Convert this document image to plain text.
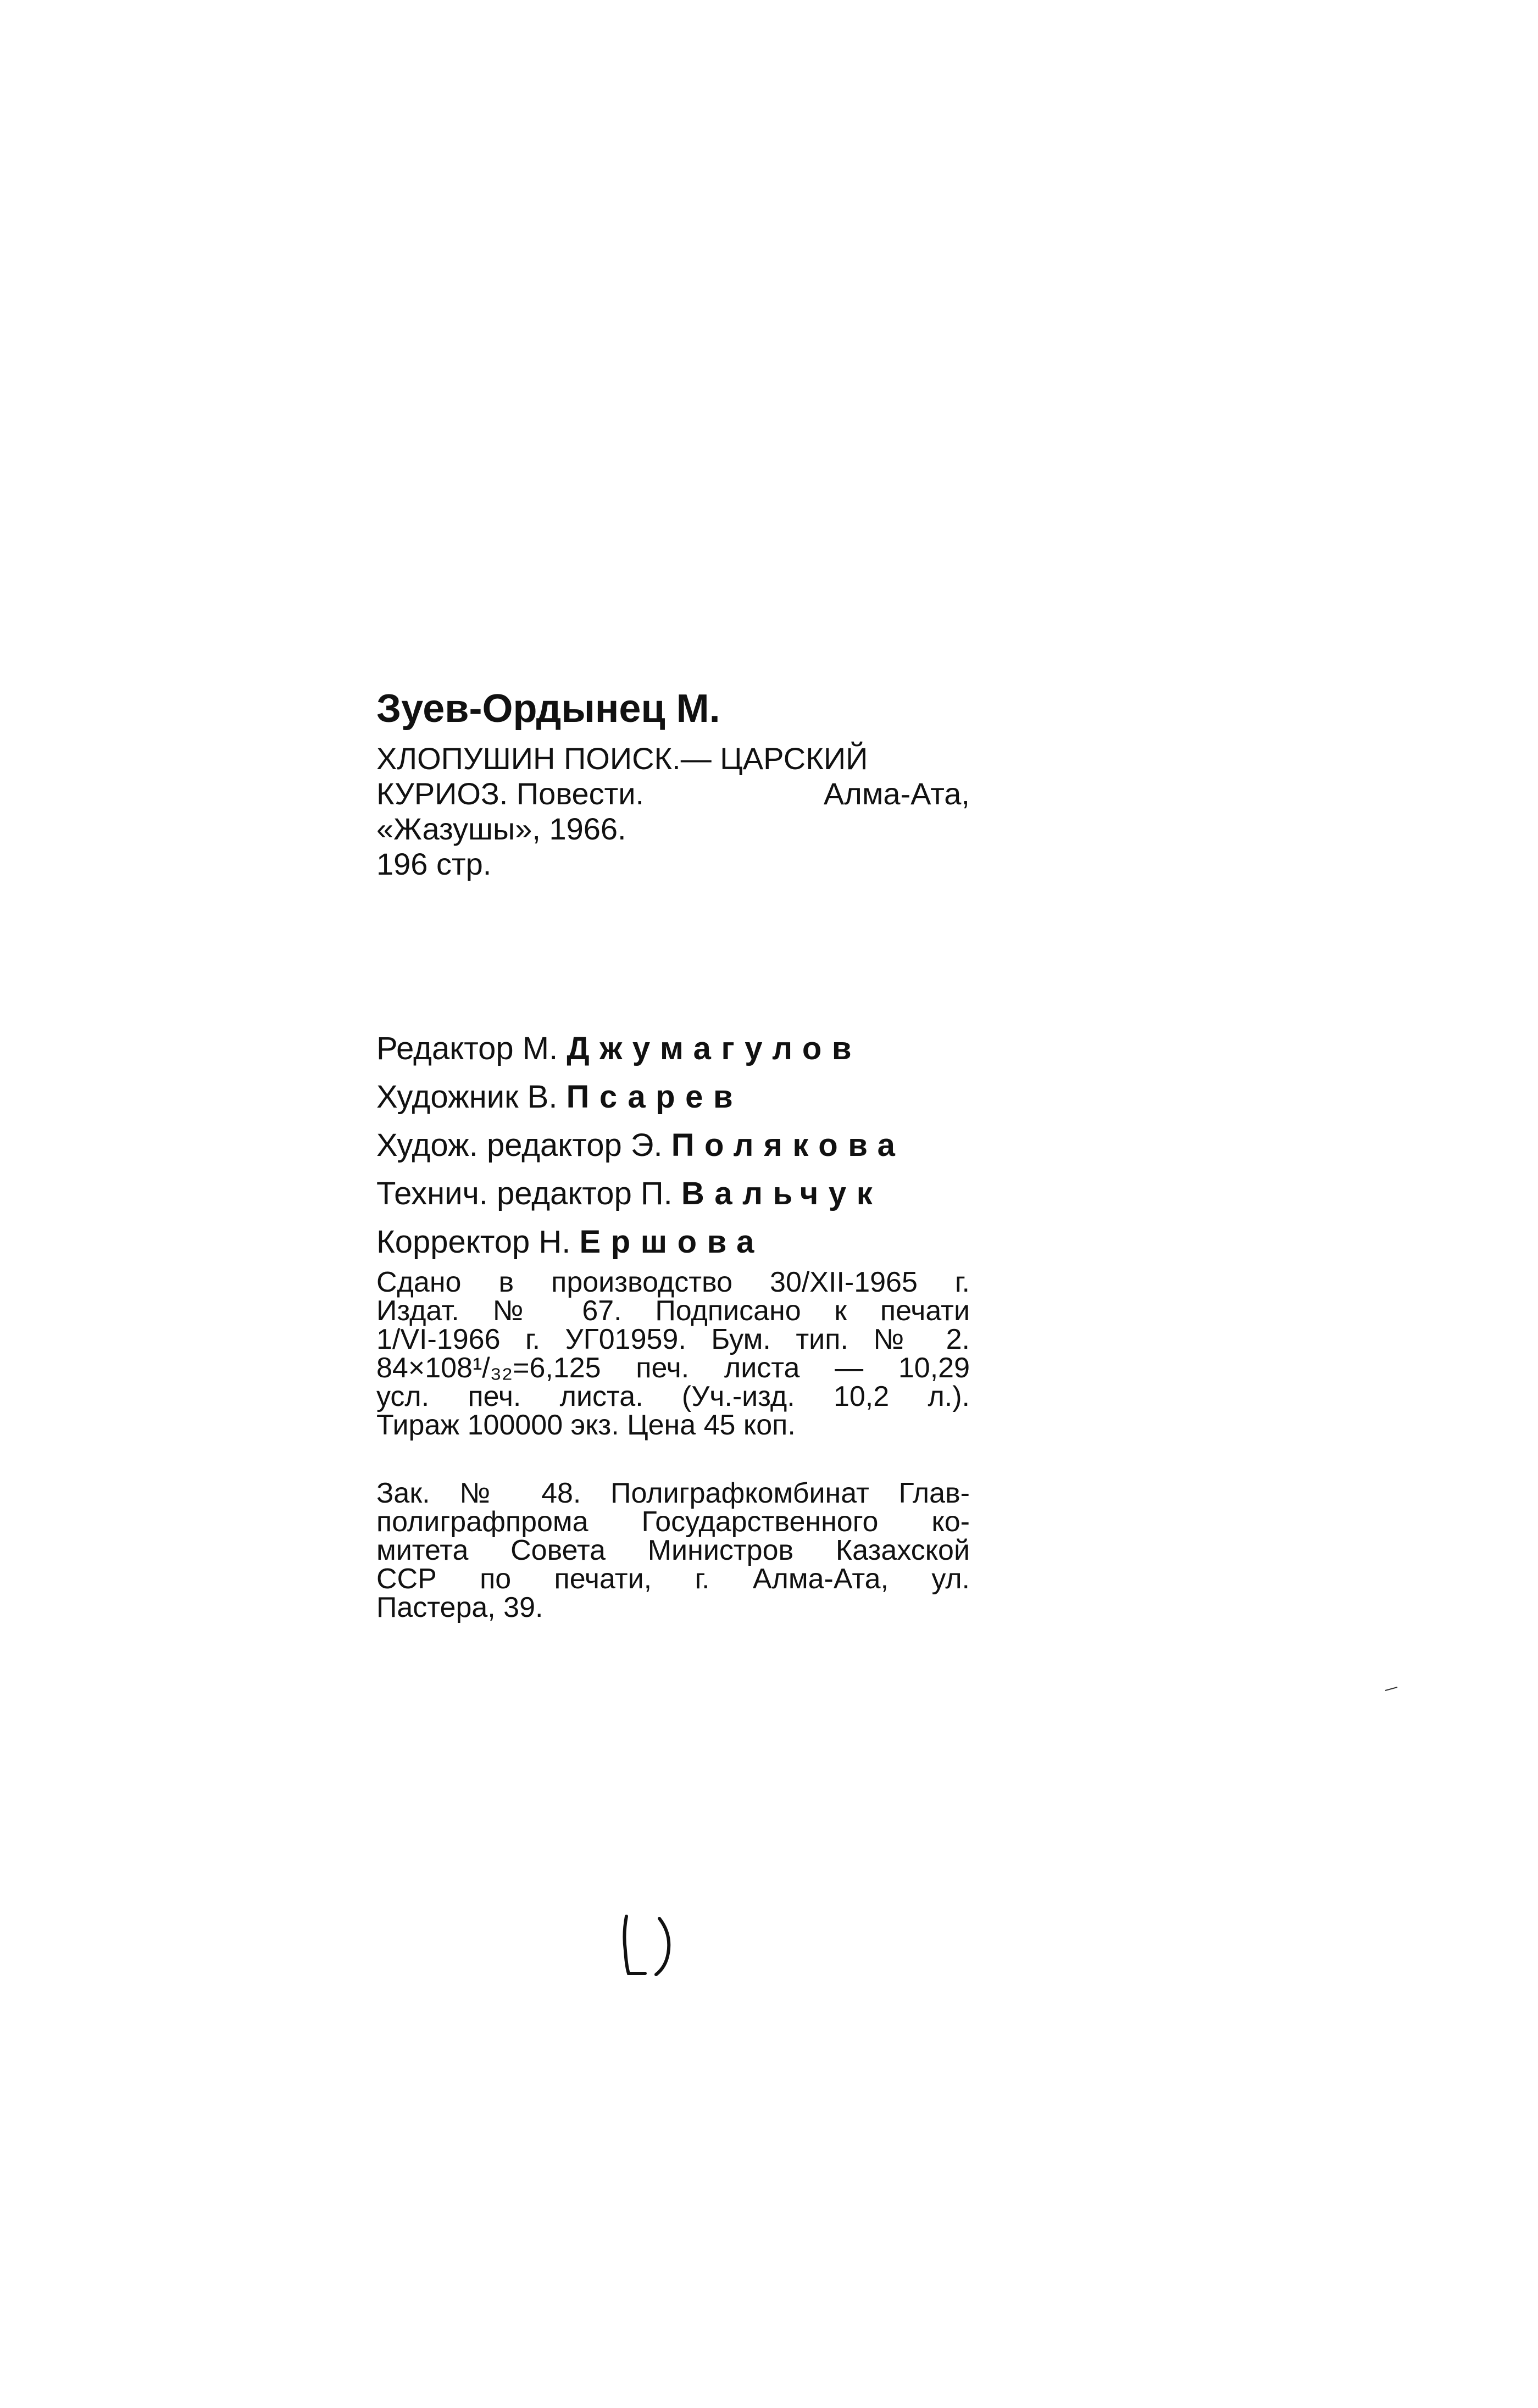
Зуев-Ордынец М.
ХЛОПУШИН ПОИСК.— ЦАРСКИЙ
КУРИОЗ. Повести.	Алма-Ата,
«Жазушы», 1966.
196 стр.
Редактор М. Джумагулов
Художник В. Псарев
Худож. редактор Э. Полякова
Технич. редактор П. Вальчук
Корректор Н. Ершова
Сдано в производство 30/XII-1965 г.
Издат. № 67. Подписано к печати
1/VI-1966 г. УГ01959. Бум. тип. № 2.
84×108¹/₃₂=6,125 печ. листа — 10,29
усл. печ. листа. (Уч.-изд. 10,2 л.).
Тираж 100000 экз. Цена 45 коп.
Зак. № 48. Полиграфкомбинат Глав-
полиграфпрома Государственного ко-
митета Совета Министров Казахской
ССР по печати, г. Алма-Ата, ул.
Пастера, 39.
